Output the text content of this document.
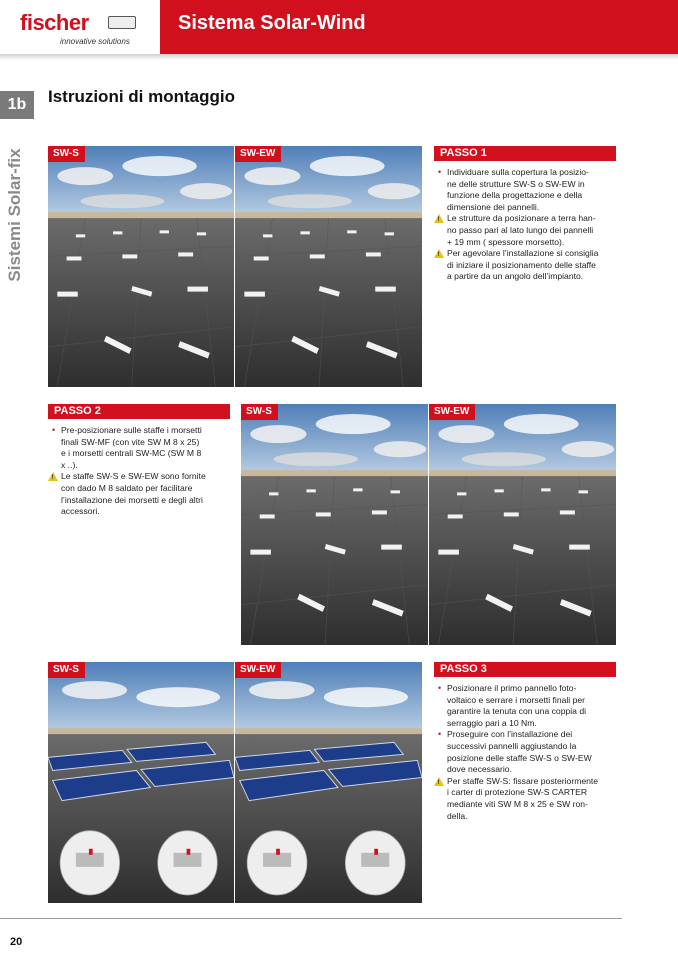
fischer
innovative solutions
Sistema Solar-Wind
1b
Sistemi Solar-fix
Istruzioni di montaggio
SW-S	SW-EW	PASSO 1
• Individuare sulla copertura la posizio-
ne delle strutture SW-S o SW-EW in
funzione della progettazione e della
dimensione dei pannelli.
!
Le strutture da posizionare a terra han-
no passo pari al lato lungo dei pannelli
+ 19 mm ( spessore morsetto).
!
Per agevolare l’installazione si consiglia
di iniziare il posizionamento delle staffe
a partire da un angolo dell’impianto.
PASSO 2
• Pre-posizionare sulle staffe i morsetti
finali SW-MF (con vite SW M 8 x 25)
e i morsetti centrali SW-MC (SW M 8
x ..).
!
Le staffe SW-S e SW-EW sono fornite
con dado M 8 saldato per facilitare
l’installazione dei morsetti e degli altri
accessori.
SW-S	SW-EW
SW-S	SW-EW	PASSO 3
• Posizionare il primo pannello foto-
voltaico e serrare i morsetti finali per
garantire la tenuta con una coppia di
serraggio pari a 10 Nm.
• Proseguire con l’installazione dei
successivi pannelli aggiustando la
posizione delle staffe SW-S o SW-EW
dove necessario.
!
Per staffe SW-S: fissare posteriormente
i carter di protezione SW-S CARTER
mediante viti SW M 8 x 25 e SW ron-
della.
20
